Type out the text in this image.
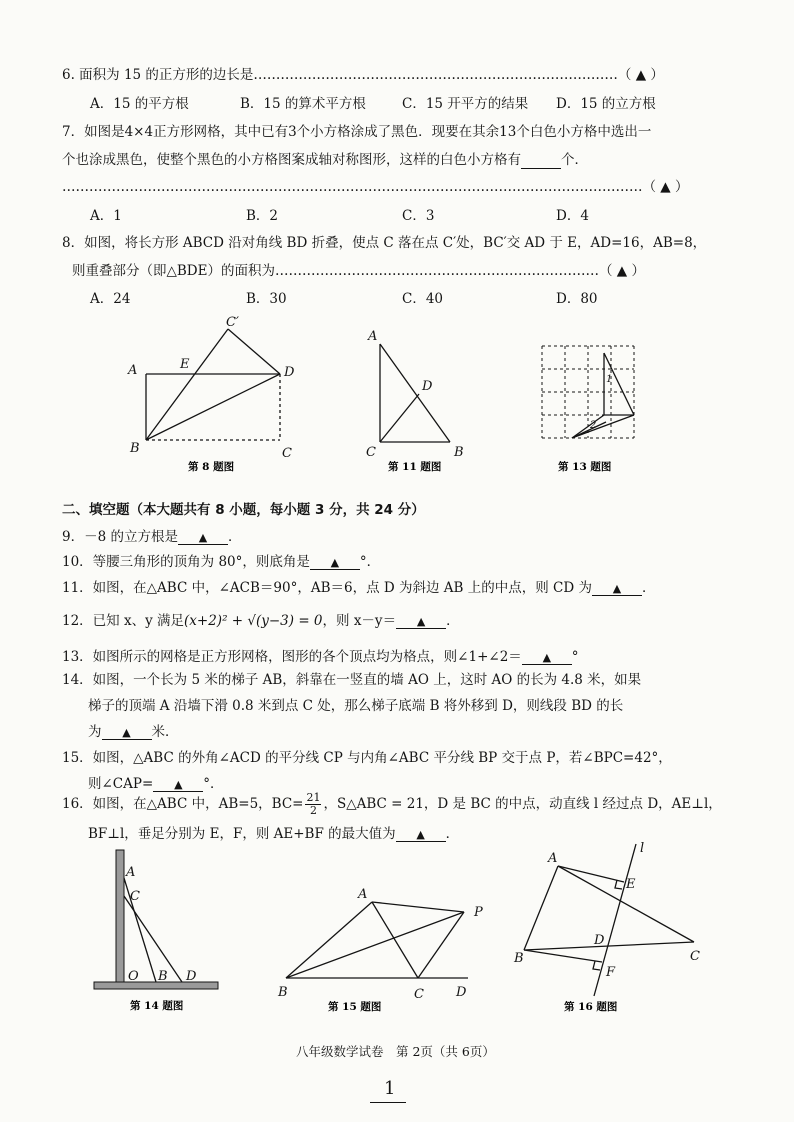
6. 面积为 15 的正方形的边长是………………………………………………………………………（ ▲ ）
A．15 的平方根	B．15 的算术平方根	C．15 开平方的结果 D．15 的立方根
7．如图是4×4正方形网格，其中已有3个小方格涂成了黑色．现要在其余13个白色小方格中选出一
个也涂成黑色，使整个黑色的小方格图案成轴对称图形，这样的白色小方格有	个．
…………………………………………………………………………………………………………………（ ▲ ）
A．1	B．2	C．3	D．4
8．如图，将长方形 ABCD 沿对角线 BD 折叠，使点 C 落在点 C′处，BC′交 AD 于 E，AD=16，AB=8，
则重叠部分（即△BDE）的面积为………………………………………………………………（ ▲ ）
A．24	B．30	C．40	D．80
A
B	C
D
E
C′
第 8 题图
A
C	B
D
第 11 题图
1
2
第 13 题图
二、填空题（本大题共有 8 小题，每小题 3 分，共 24 分）
9．－8 的立方根是 ▲ ．
10．等腰三角形的顶角为 80°，则底角是 ▲ °．
11．如图，在△ABC 中，∠ACB＝90°，AB＝6，点 D 为斜边 AB 上的中点，则 CD 为 ▲ ．
12．已知 x、y 满足(x+2)² + √(y−3) = 0，则 x－y＝ ▲ ．
13．如图所示的网格是正方形网格，图形的各个顶点均为格点，则∠1+∠2＝ ▲ °
14．如图，一个长为 5 米的梯子 AB，斜靠在一竖直的墙 AO 上，这时 AO 的长为 4.8 米，如果
梯子的顶端 A 沿墙下滑 0.8 米到点 C 处，那么梯子底端 B 将外移到 D，则线段 BD 的长
为 ▲ 米．
15．如图，△ABC 的外角∠ACD 的平分线 CP 与内角∠ABC 平分线 BP 交于点 P，若∠BPC=42°，
则∠CAP= ▲ °．
16．如图，在△ABC 中，AB=5，$BC= \frac{21}{2}$ ，S△ABC = 21，D 是 BC 的中点，动直线 l 经过点 D，AE⊥l，
BF⊥l，垂足分别为 E，F，则 AE+BF 的最大值为 ▲ ．
A
C
O B D
第 14 题图
A
B	C D
P
第 15 题图
A
B	C
D
E
F
l
第 16 题图
八年级数学试卷　第 2页（共 6页）
1
